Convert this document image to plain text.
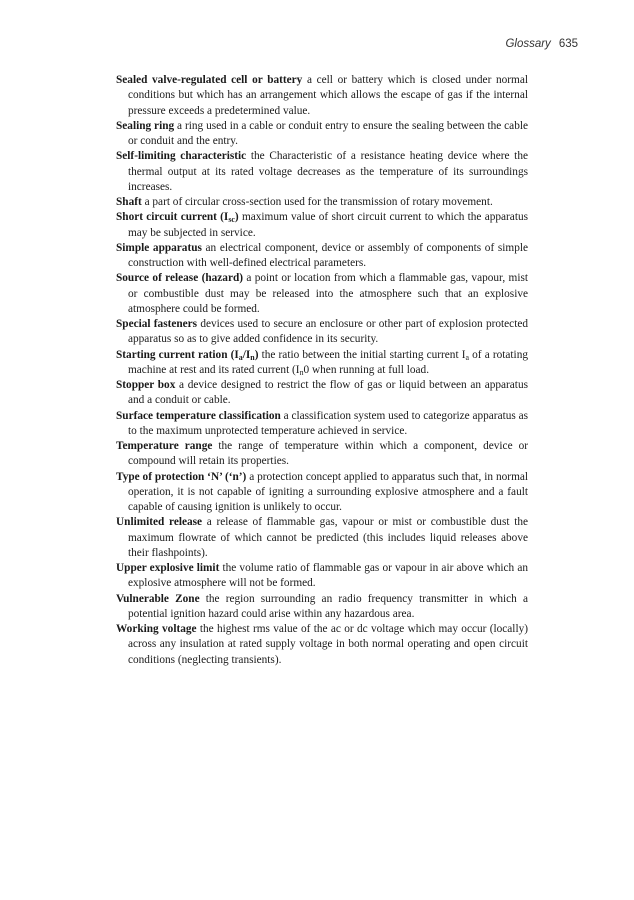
Glossary 635

Sealed valve-regulated cell or battery a cell or battery which is closed under normal conditions but which has an arrangement which allows the escape of gas if the internal pressure exceeds a predetermined value.

Sealing ring a ring used in a cable or conduit entry to ensure the sealing between the cable or conduit and the entry.

Self-limiting characteristic the Characteristic of a resistance heating device where the thermal output at its rated voltage decreases as the temperature of its surroundings increases.

Shaft a part of circular cross-section used for the transmission of rotary movement.

Short circuit current $(I_{sc})$ maximum value of short circuit current to which the apparatus may be subjected in service.

Simple apparatus an electrical component, device or assembly of components of simple construction with well-defined electrical parameters.

Source of release (hazard) a point or location from which a flammable gas, vapour, mist or combustible dust may be released into the atmosphere such that an explosive atmosphere could be formed.

Special fasteners devices used to secure an enclosure or other part of explosion protected apparatus so as to give added confidence in its security.

Starting current ration $(I_a/I_n)$ the ratio between the initial starting current $I_a$ of a rotating machine at rest and its rated current ($I_n0$ when running at full load.

Stopper box a device designed to restrict the flow of gas or liquid between an apparatus and a conduit or cable.

Surface temperature classification a classification system used to categorize apparatus as to the maximum unprotected temperature achieved in service.

Temperature range the range of temperature within which a component, device or compound will retain its properties.

Type of protection ‘N’ (‘n’) a protection concept applied to apparatus such that, in normal operation, it is not capable of igniting a surrounding explosive atmosphere and a fault capable of causing ignition is unlikely to occur.

Unlimited release a release of flammable gas, vapour or mist or combustible dust the maximum flowrate of which cannot be predicted (this includes liquid releases above their flashpoints).

Upper explosive limit the volume ratio of flammable gas or vapour in air above which an explosive atmosphere will not be formed.

Vulnerable Zone the region surrounding an radio frequency transmitter in which a potential ignition hazard could arise within any hazardous area.

Working voltage the highest rms value of the ac or dc voltage which may occur (locally) across any insulation at rated supply voltage in both normal operating and open circuit conditions (neglecting transients).
